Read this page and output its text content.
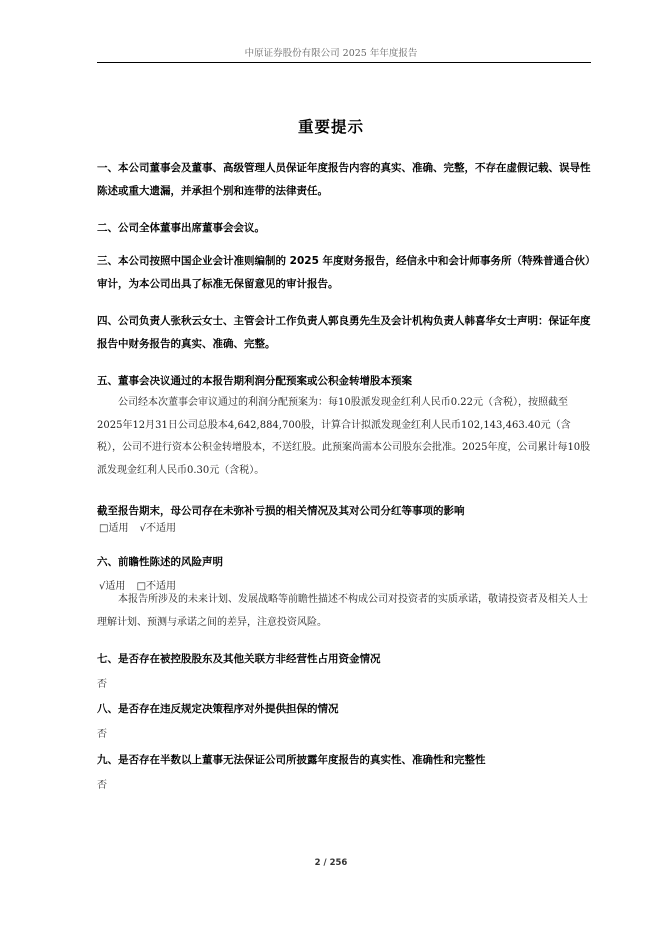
中原证券股份有限公司 2025 年年度报告
重要提示
一、本公司董事会及董事、高级管理人员保证年度报告内容的真实、准确、完整，不存在虚假记载、误导性陈述或重大遗漏，并承担个别和连带的法律责任。
二、公司全体董事出席董事会会议。
三、本公司按照中国企业会计准则编制的 2025 年度财务报告，经信永中和会计师事务所（特殊普通合伙）审计，为本公司出具了标准无保留意见的审计报告。
四、公司负责人张秋云女士、主管会计工作负责人郭良勇先生及会计机构负责人韩喜华女士声明：保证年度报告中财务报告的真实、准确、完整。
五、董事会决议通过的本报告期利润分配预案或公积金转增股本预案
公司经本次董事会审议通过的利润分配预案为：每10股派发现金红利人民币0.22元（含税），按照截至2025年12月31日公司总股本4,642,884,700股，计算合计拟派发现金红利人民币102,143,463.40元（含税），公司不进行资本公积金转增股本，不送红股。此预案尚需本公司股东会批准。2025年度，公司累计每10股派发现金红利人民币0.30元（含税）。
截至报告期末，母公司存在未弥补亏损的相关情况及其对公司分红等事项的影响
□适用 √不适用
六、前瞻性陈述的风险声明
√适用 □不适用
本报告所涉及的未来计划、发展战略等前瞻性描述不构成公司对投资者的实质承诺，敬请投资者及相关人士理解计划、预测与承诺之间的差异，注意投资风险。
七、是否存在被控股股东及其他关联方非经营性占用资金情况
否
八、是否存在违反规定决策程序对外提供担保的情况
否
九、是否存在半数以上董事无法保证公司所披露年度报告的真实性、准确性和完整性
否
2 / 256
